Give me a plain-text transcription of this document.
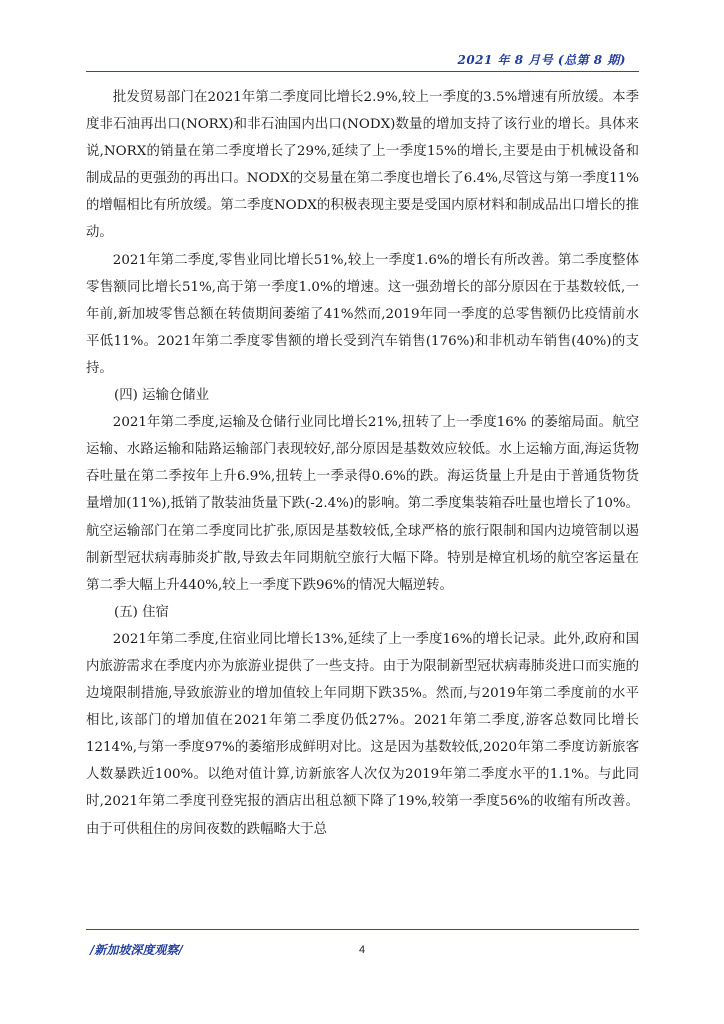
2021 年 8 月号 (总第 8 期)

批发贸易部门在2021年第二季度同比增长2.9%,较上一季度的3.5%增速有所放缓。本季度非石油再出口(NORX)和非石油国内出口(NODX)数量的增加支持了该行业的增长。具体来说,NORX的销量在第二季度增长了29%,延续了上一季度15%的增长,主要是由于机械设备和制成品的更强劲的再出口。NODX的交易量在第二季度也增长了6.4%,尽管这与第一季度11%的增幅相比有所放缓。第二季度NODX的积极表现主要是受国内原材料和制成品出口增长的推动。

2021年第二季度,零售业同比增长51%,较上一季度1.6%的增长有所改善。第二季度整体零售额同比增长51%,高于第一季度1.0%的增速。这一强劲增长的部分原因在于基数较低,一年前,新加坡零售总额在转债期间萎缩了41%然而,2019年同一季度的总零售额仍比疫情前水平低11%。2021年第二季度零售额的增长受到汽车销售(176%)和非机动车销售(40%)的支持。

(四) 运输仓储业

2021年第二季度,运输及仓储行业同比增长21%,扭转了上一季度16% 的萎缩局面。航空运输、水路运输和陆路运输部门表现较好,部分原因是基数效应较低。水上运输方面,海运货物吞吐量在第二季按年上升6.9%,扭转上一季录得0.6%的跌。海运货量上升是由于普通货物货量增加(11%),抵销了散装油货量下跌(-2.4%)的影响。第二季度集装箱吞吐量也增长了10%。航空运输部门在第二季度同比扩张,原因是基数较低,全球严格的旅行限制和国内边境管制以遏制新型冠状病毒肺炎扩散,导致去年同期航空旅行大幅下降。特别是樟宜机场的航空客运量在第二季大幅上升440%,较上一季度下跌96%的情况大幅逆转。

(五) 住宿

2021年第二季度,住宿业同比增长13%,延续了上一季度16%的增长记录。此外,政府和国内旅游需求在季度内亦为旅游业提供了一些支持。由于为限制新型冠状病毒肺炎进口而实施的边境限制措施,导致旅游业的增加值较上年同期下跌35%。然而,与2019年第二季度前的水平相比,该部门的增加值在2021年第二季度仍低27%。2021年第二季度,游客总数同比增长1214%,与第一季度97%的萎缩形成鲜明对比。这是因为基数较低,2020年第二季度访新旅客人数暴跌近100%。以绝对值计算,访新旅客人次仅为2019年第二季度水平的1.1%。与此同时,2021年第二季度刊登宪报的酒店出租总额下降了19%,较第一季度56%的收缩有所改善。由于可供租住的房间夜数的跌幅略大于总

/新加坡深度观察/	4
